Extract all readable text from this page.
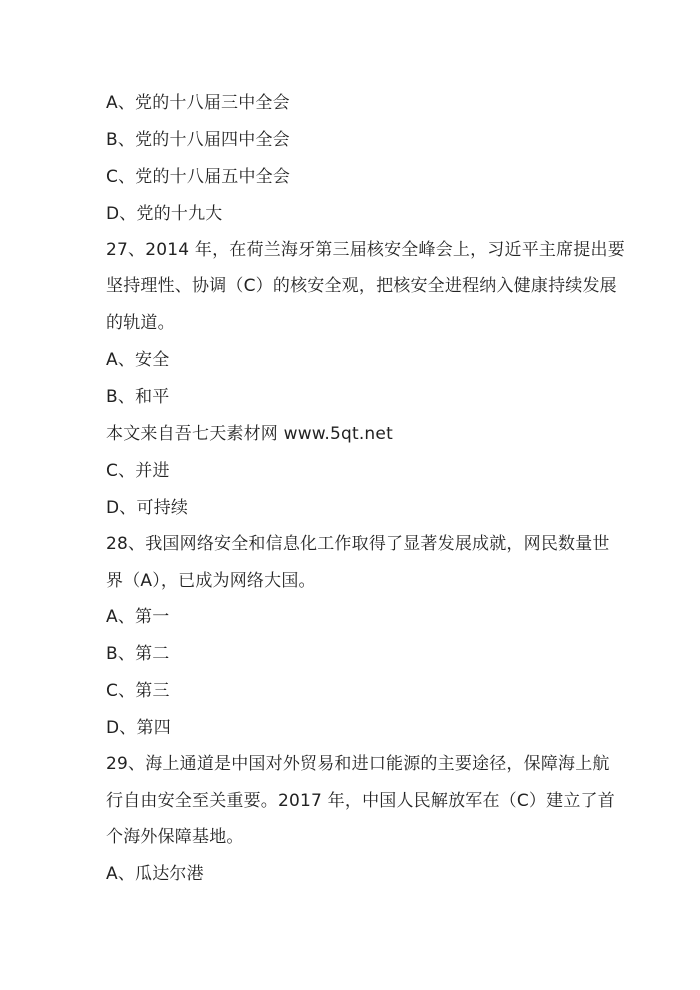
A、党的十八届三中全会
B、党的十八届四中全会
C、党的十八届五中全会
D、党的十九大
27、2014 年，在荷兰海牙第三届核安全峰会上，习近平主席提出要
坚持理性、协调（C）的核安全观，把核安全进程纳入健康持续发展
的轨道。
A、安全
B、和平
本文来自吾七天素材网 www.5qt.net
C、并进
D、可持续
28、我国网络安全和信息化工作取得了显著发展成就，网民数量世
界（A），已成为网络大国。
A、第一
B、第二
C、第三
D、第四
29、海上通道是中国对外贸易和进口能源的主要途径，保障海上航
行自由安全至关重要。2017 年，中国人民解放军在（C）建立了首
个海外保障基地。
A、瓜达尔港
